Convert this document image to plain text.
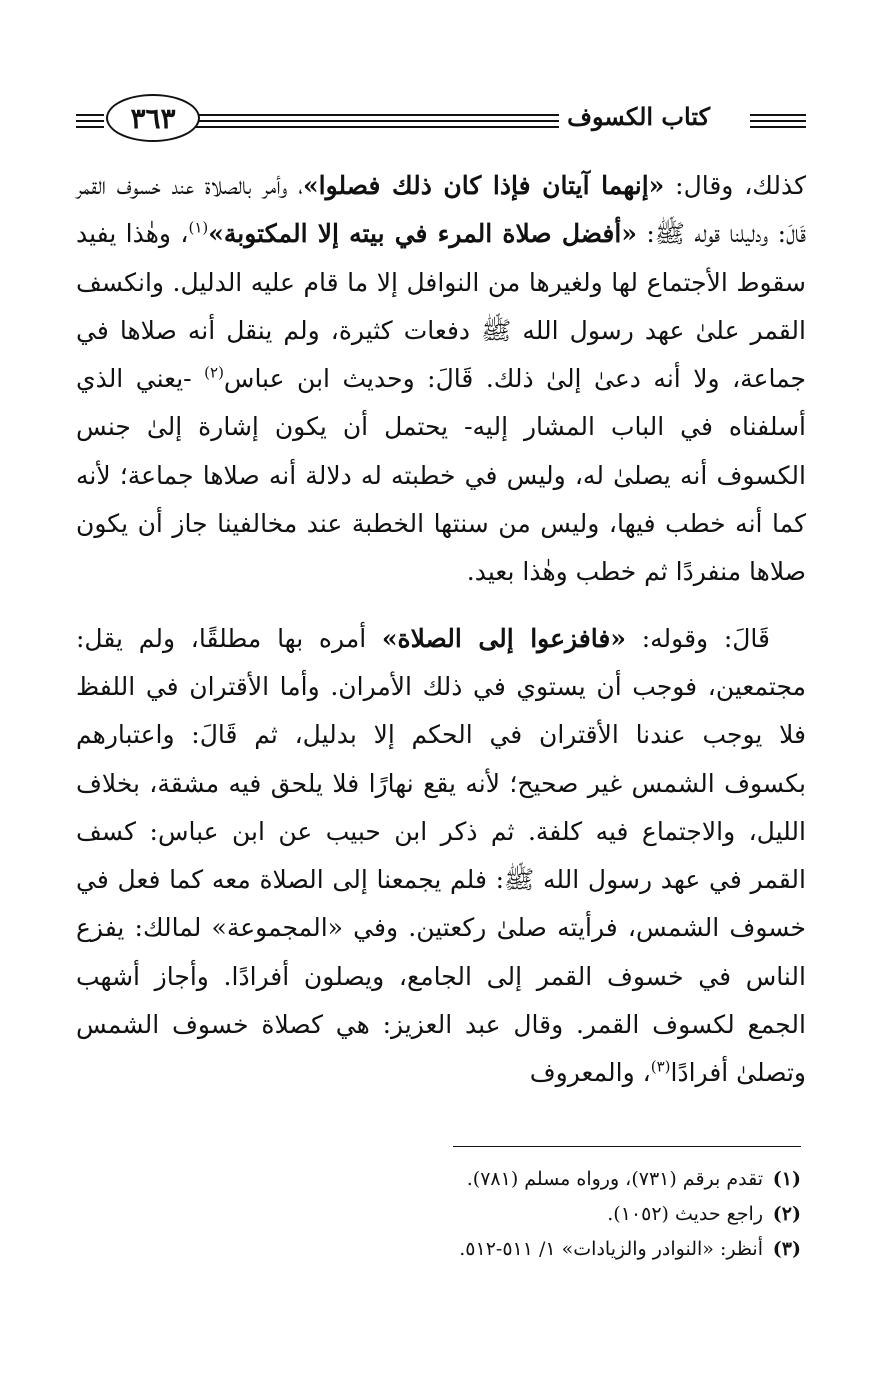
كتاب الكسوف
٣٦٣

كذلك، وقال: «إنهما آيتان فإذا كان ذلك فصلوا»، وأمر بالصلاة عند خسوف القمر قَالَ: ودليلنا قوله ﷺ: «أفضل صلاة المرء في بيته إلا المكتوبة»$^{(١)}$، وهٰذا يفيد سقوط الأجتماع لها ولغيرها من النوافل إلا ما قام عليه الدليل. وانكسف القمر علىٰ عهد رسول الله ﷺ دفعات كثيرة، ولم ينقل أنه صلاها في جماعة، ولا أنه دعىٰ إلىٰ ذلك. قَالَ: وحديث ابن عباس$^{(٢)}$ -يعني الذي أسلفناه في الباب المشار إليه- يحتمل أن يكون إشارة إلىٰ جنس الكسوف أنه يصلىٰ له، وليس في خطبته له دلالة أنه صلاها جماعة؛ لأنه كما أنه خطب فيها، وليس من سنتها الخطبة عند مخالفينا جاز أن يكون صلاها منفردًا ثم خطب وهٰذا بعيد.

قَالَ: وقوله: «فافزعوا إلى الصلاة» أمره بها مطلقًا، ولم يقل: مجتمعين، فوجب أن يستوي في ذلك الأمران. وأما الأقتران في اللفظ فلا يوجب عندنا الأقتران في الحكم إلا بدليل، ثم قَالَ: واعتبارهم بكسوف الشمس غير صحيح؛ لأنه يقع نهارًا فلا يلحق فيه مشقة، بخلاف الليل، والاجتماع فيه كلفة. ثم ذكر ابن حبيب عن ابن عباس: كسف القمر في عهد رسول الله ﷺ: فلم يجمعنا إلى الصلاة معه كما فعل في خسوف الشمس، فرأيته صلىٰ ركعتين. وفي «المجموعة» لمالك: يفزع الناس في خسوف القمر إلى الجامع، ويصلون أفرادًا. وأجاز أشهب الجمع لكسوف القمر. وقال عبد العزيز: هي كصلاة خسوف الشمس وتصلىٰ أفرادًا$^{(٣)}$، والمعروف

(١)تقدم برقم (٧٣١)، ورواه مسلم (٧٨١).
(٢)راجع حديث (١٠٥٢).
(٣)أنظر: «النوادر والزيادات» ١/ ٥١١-٥١٢.
